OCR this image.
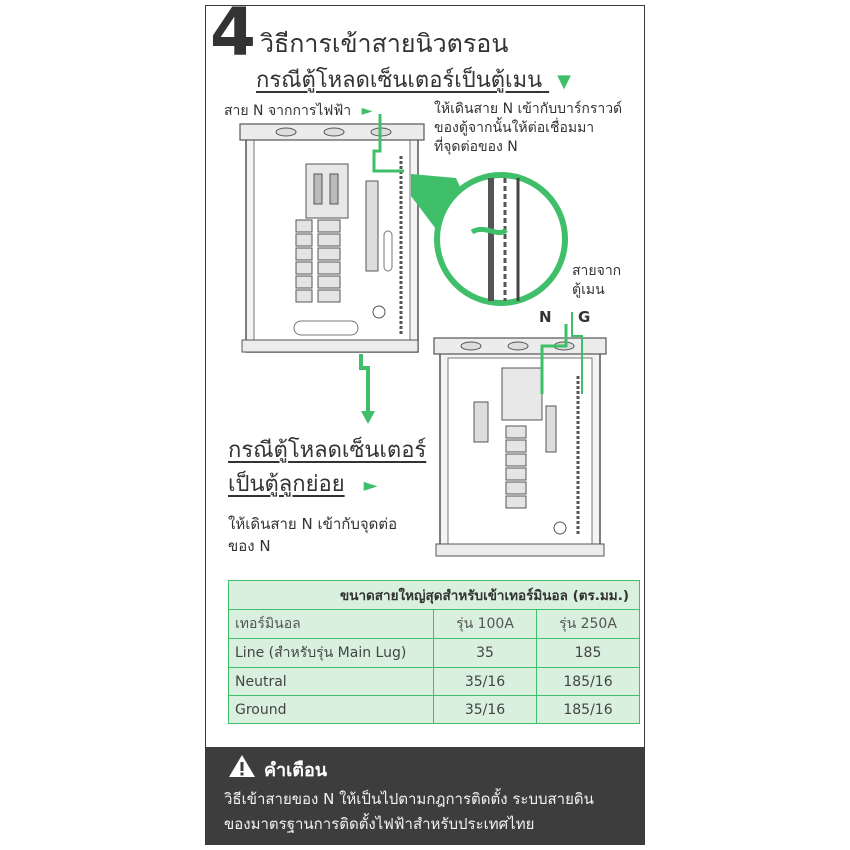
4 วิธีการเข้าสายนิวตรอน
กรณีตู้โหลดเซ็นเตอร์เป็นตู้เมน ▼
สาย N จากการไฟฟ้า ►	ให้เดินสาย N เข้ากับบาร์กราวด์
ของตู้จากนั้นให้ต่อเชื่อมมา
ที่จุดต่อของ N
สายจาก
ตู้เมน
N G
กรณีตู้โหลดเซ็นเตอร์
เป็นตู้ลูกย่อย ►
ให้เดินสาย N เข้ากับจุดต่อ
ของ N
ขนาดสายใหญ่สุดสำหรับเข้าเทอร์มินอล (ตร.มม.)		
เทอร์มินอล	รุ่น 100A	รุ่น 250A
Line (สำหรับรุ่น Main Lug)	35	185
Neutral	35/16	185/16
Ground	35/16	185/16
คำเตือน
วิธีเข้าสายของ N ให้เป็นไปตามกฎการติดตั้ง ระบบสายดิน
ของมาตรฐานการติดตั้งไฟฟ้าสำหรับประเทศไทย
